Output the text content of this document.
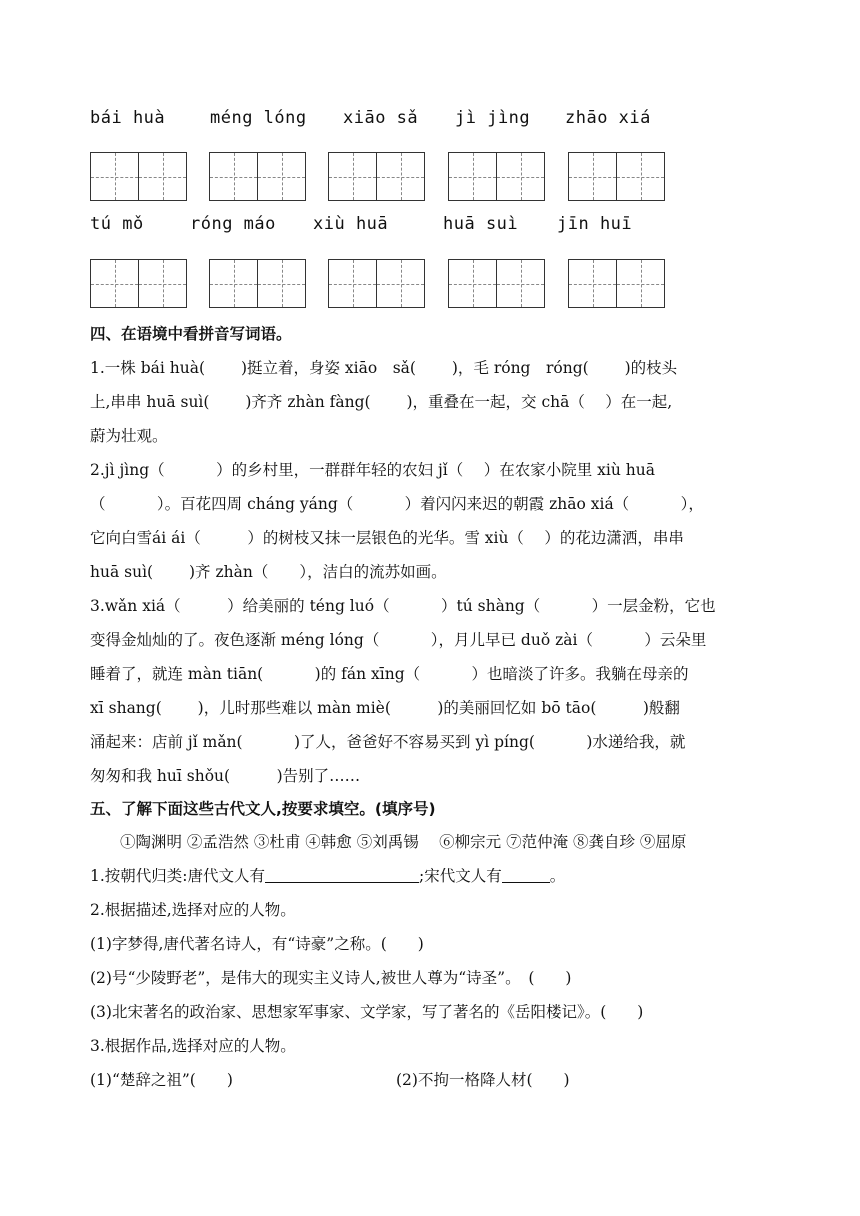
bái huà	méng lóng xiāo sǎ jì jìng zhāo xiá
tú mǒ	róng máo xiù huā	huā suì jīn huī
四、在语境中看拼音写词语。
1.一株 bái huà(　　 )挺立着，身姿 xiāo　sǎ(　　 )，毛 róng　róng(　　 )的枝头
上,串串 huā suì(　　 )齐齐 zhàn fàng(　　 )，重叠在一起，交 chā（　 ）在一起,
蔚为壮观。
2.jì jìng（　　　 ）的乡村里，一群群年轻的农妇 jǐ（　 ）在农家小院里 xiù huā
（　　　 ）。百花四周 cháng yáng（　　　 ）着闪闪来迟的朝霞 zhāo xiá（　　　 ），
它向白雪ái ái（　　　）的树枝又抹一层银色的光华。雪 xiù（　 ）的花边潇洒，串串
huā suì(　　 )齐 zhàn（　　），洁白的流苏如画。
3.wǎn xiá（　　　）给美丽的 téng luó（　　　 ）tú shàng（　　　 ）一层金粉，它也
变得金灿灿的了。夜色逐渐 méng lóng（　　　 ），月儿早已 duǒ zài（　　　 ）云朵里
睡着了，就连 màn tiān(　　　 )的 fán xīng（　　　 ）也暗淡了许多。我躺在母亲的
xī shang(　　 )，儿时那些难以 màn miè(　　　)的美丽回忆如 bō tāo(　　　)般翻
涌起来：店前 jǐ mǎn(　　　 )了人，爸爸好不容易买到 yì píng(　　　 )水递给我，就
匆匆和我 huī shǒu(　　　)告别了……
五、了解下面这些古代文人,按要求填空。(填序号)
①陶渊明 ②孟浩然 ③杜甫 ④韩愈 ⑤刘禹锡 　⑥柳宗元 ⑦范仲淹 ⑧龚自珍 ⑨屈原
1.按朝代归类:唐代文人有	;宋代文人有	。
2.根据描述,选择对应的人物。
(1)字梦得,唐代著名诗人，有“诗豪”之称。(　　)
(2)号“少陵野老”，是伟大的现实主义诗人,被世人尊为“诗圣”。　(　　)
(3)北宋著名的政治家、思想家军事家、文学家，写了著名的《岳阳楼记》。(　　)
3.根据作品,选择对应的人物。
(1)“楚辞之祖”(　　)	(2)不拘一格降人材(　　)
